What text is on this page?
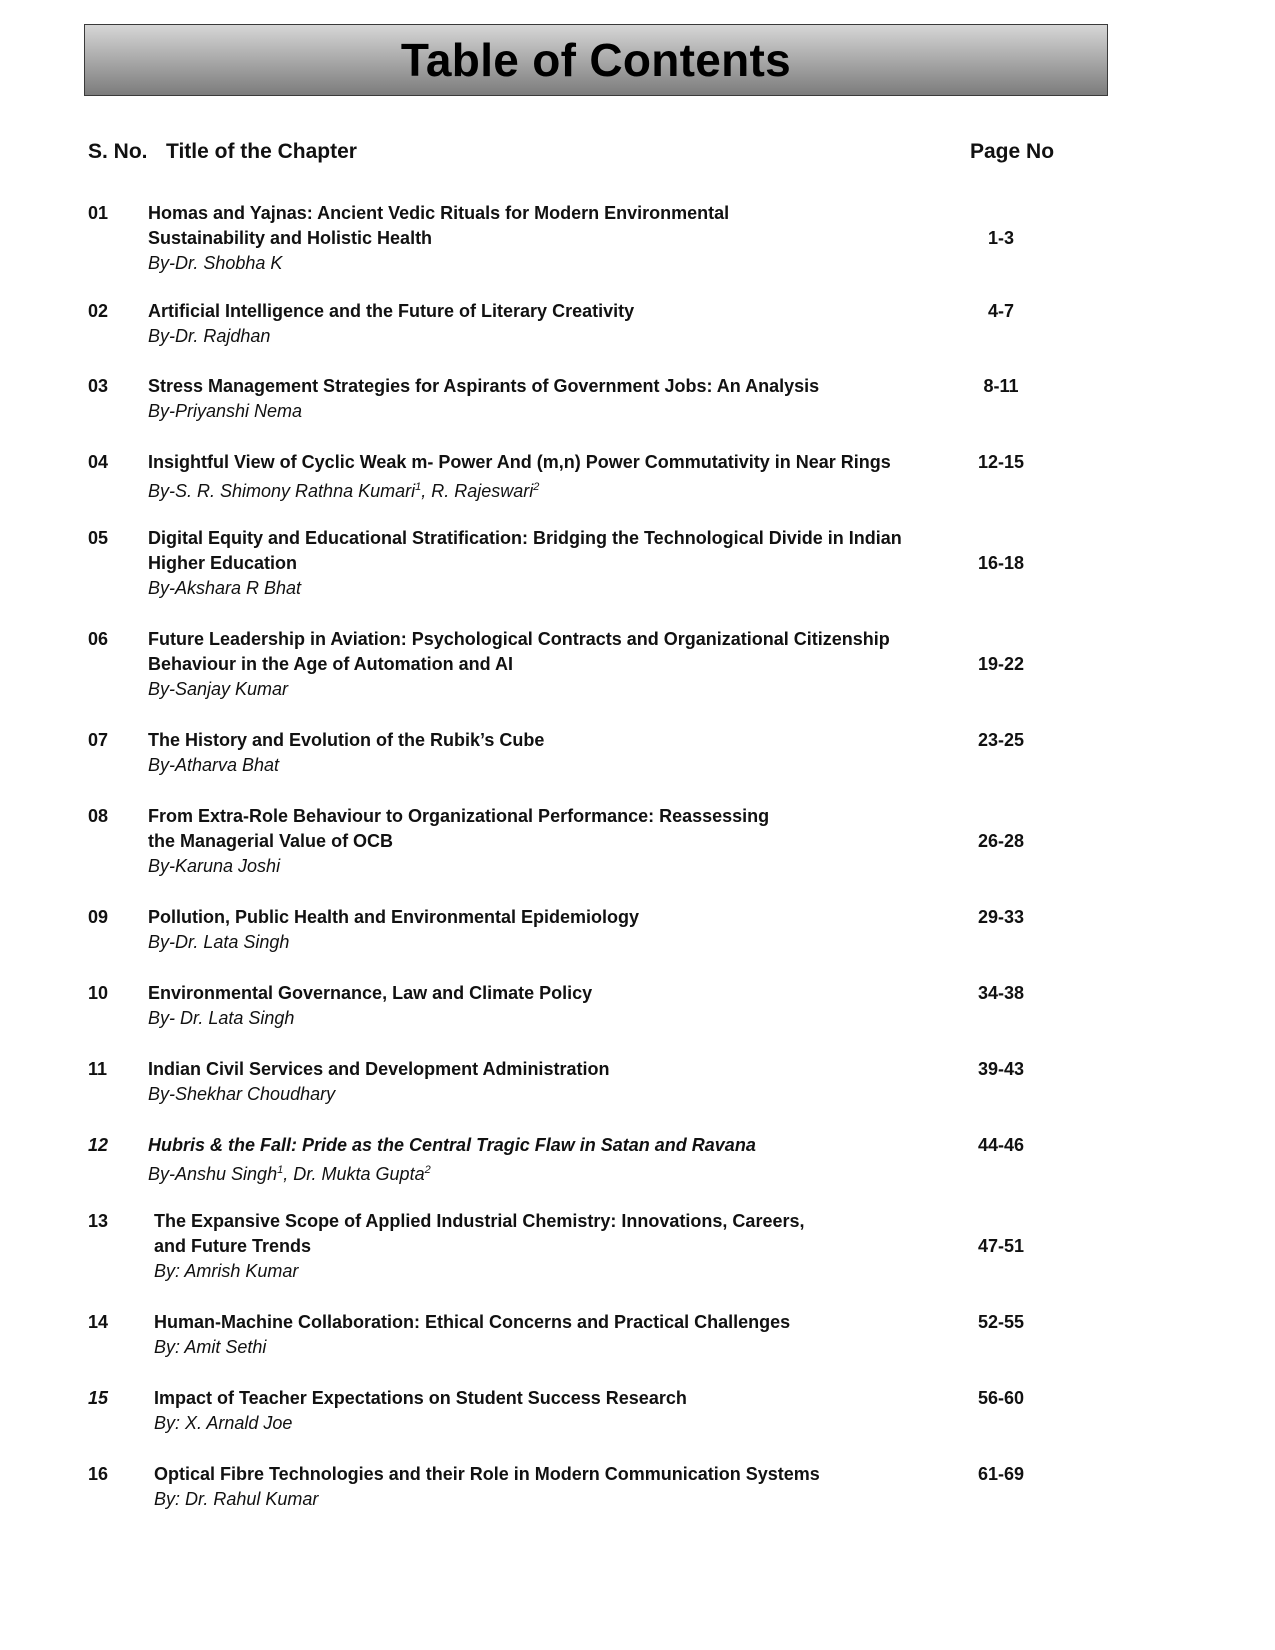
Table of Contents
S. No. Title of the Chapter	Page No
01 Homas and Yajnas: Ancient Vedic Rituals for Modern Environmental
Sustainability and Holistic Health
By-Dr. Shobha K
1-3
02 Artificial Intelligence and the Future of Literary Creativity
By-Dr. Rajdhan
4-7
03 Stress Management Strategies for Aspirants of Government Jobs: An Analysis
By-Priyanshi Nema
8-11
04 Insightful View of Cyclic Weak m- Power And (m,n) Power Commutativity in Near Rings
By-S. R. Shimony Rathna Kumari$^1$, R. Rajeswari$^2$
12-15
05 Digital Equity and Educational Stratification: Bridging the Technological Divide in Indian
Higher Education
By-Akshara R Bhat
16-18
06 Future Leadership in Aviation: Psychological Contracts and Organizational Citizenship
Behaviour in the Age of Automation and AI
By-Sanjay Kumar
19-22
07 The History and Evolution of the Rubik’s Cube
By-Atharva Bhat
23-25
08 From Extra-Role Behaviour to Organizational Performance: Reassessing
the Managerial Value of OCB
By-Karuna Joshi
26-28
09 Pollution, Public Health and Environmental Epidemiology
By-Dr. Lata Singh
29-33
10 Environmental Governance, Law and Climate Policy
By- Dr. Lata Singh
34-38
11 Indian Civil Services and Development Administration
By-Shekhar Choudhary
39-43
12 Hubris & the Fall: Pride as the Central Tragic Flaw in Satan and Ravana
By-Anshu Singh$^1$, Dr. Mukta Gupta$^2$
44-46
13	The Expansive Scope of Applied Industrial Chemistry: Innovations, Careers,
and Future Trends
By: Amrish Kumar
47-51
14	Human-Machine Collaboration: Ethical Concerns and Practical Challenges
By: Amit Sethi
52-55
15	Impact of Teacher Expectations on Student Success Research
By: X. Arnald Joe
56-60
16	Optical Fibre Technologies and their Role in Modern Communication Systems
By: Dr. Rahul Kumar
61-69
